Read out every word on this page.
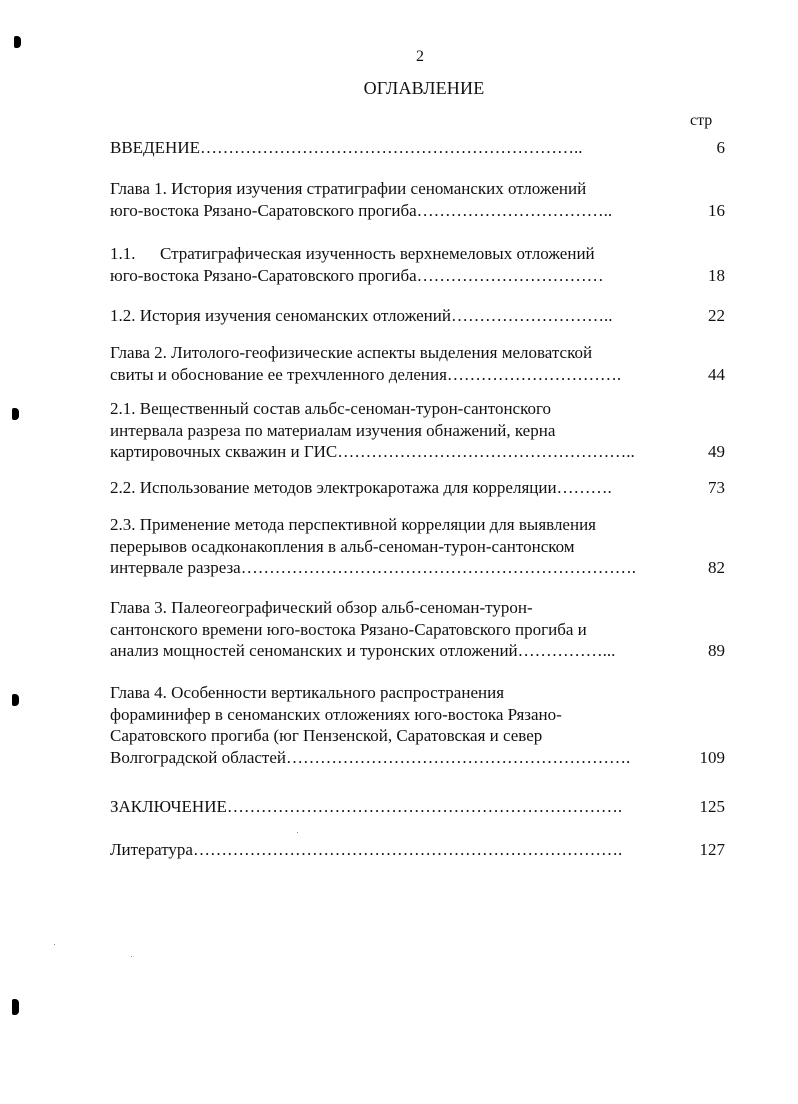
2
ОГЛАВЛЕНИЕ
стр
ВВЕДЕНИЕ…………………………………………………………..	6
Глава 1. История изучения стратиграфии сеноманских отложений
юго-востока Рязано-Саратовского прогиба……………………………..	16
1.1. Стратиграфическая изученность верхнемеловых отложений
юго-востока Рязано-Саратовского прогиба……………………………	18
1.2. История изучения сеноманских отложений………………………..	22
Глава 2. Литолого-геофизические аспекты выделения меловатской
свиты и обоснование ее трехчленного деления………………………….	44
2.1. Вещественный состав альбс-сеноман-турон-сантонского
интервала разреза по материалам изучения обнажений, керна
картировочных скважин и ГИС……………………………………………..	49
2.2. Использование методов электрокаротажа для корреляции……….	73
2.3. Применение метода перспективной корреляции для выявления
перерывов осадконакопления в альб-сеноман-турон-сантонском
интервале разреза…………………………………………………………….	82
Глава 3. Палеогеографический обзор альб-сеноман-турон-
сантонского времени юго-востока Рязано-Саратовского прогиба и
анализ мощностей сеноманских и туронских отложений……………...	89
Глава 4. Особенности вертикального распространения
фораминифер в сеноманских отложениях юго-востока Рязано-
Саратовского прогиба (юг Пензенской, Саратовская и север
Волгоградской областей…………………………………………………….	109
ЗАКЛЮЧЕНИЕ…………………………………………………………….	125
Литература………………………………………………………………….	127
